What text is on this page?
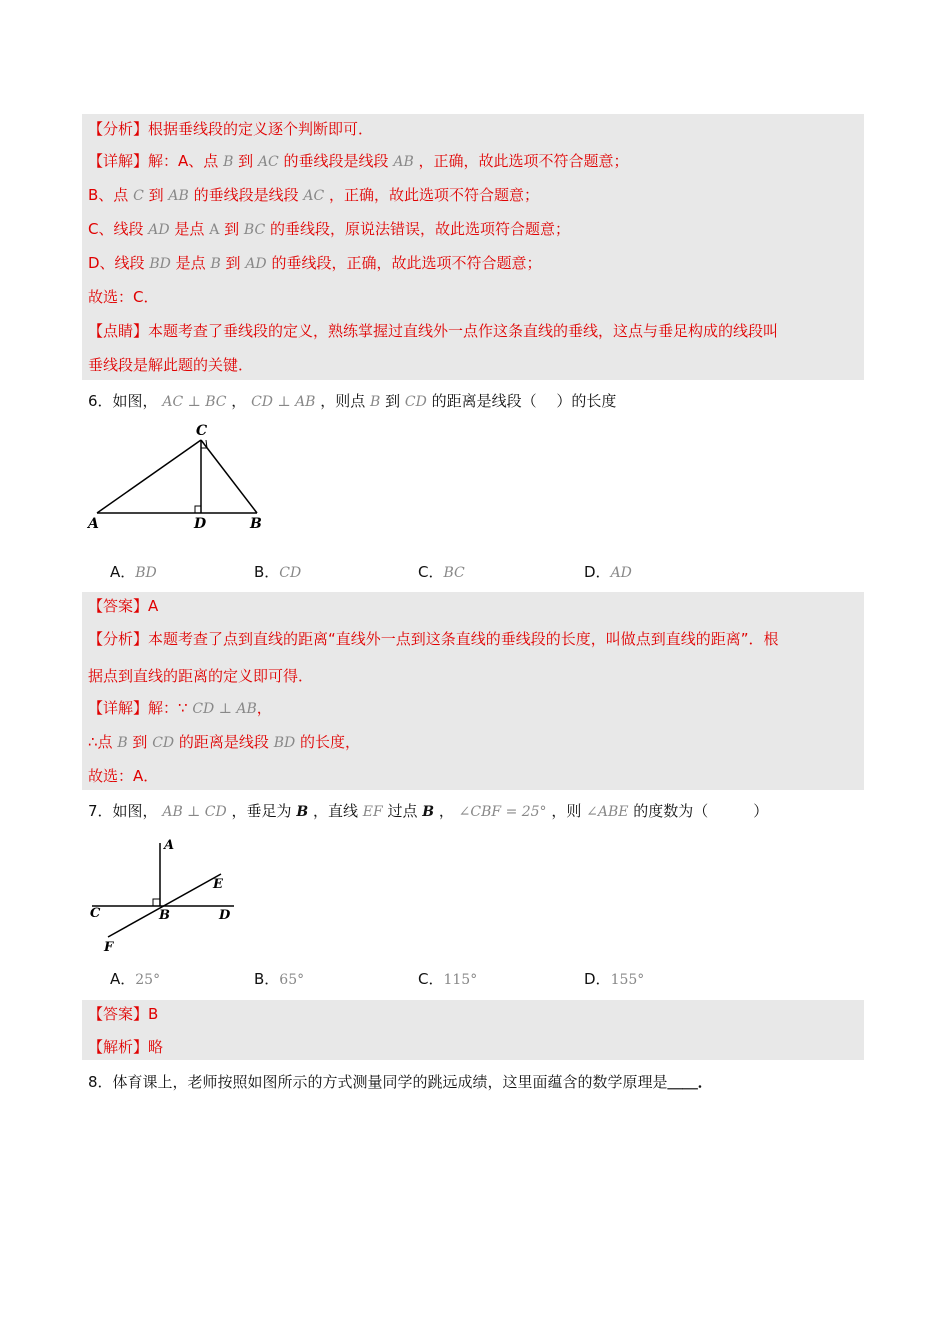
【分析】根据垂线段的定义逐个判断即可．
【详解】解：A、点 B 到 AC 的垂线段是线段 AB ，正确，故此选项不符合题意；
B、点 C 到 AB 的垂线段是线段 AC ，正确，故此选项不符合题意；
C、线段 AD 是点 A 到 BC 的垂线段，原说法错误，故此选项符合题意；
D、线段 BD 是点 B 到 AD 的垂线段，正确，故此选项不符合题意；
故选：C．
【点睛】本题考查了垂线段的定义，熟练掌握过直线外一点作这条直线的垂线，这点与垂足构成的线段叫
垂线段是解此题的关键．
6．如图， AC ⊥ BC ， CD ⊥ AB ，则点 B 到 CD 的距离是线段（　 ）的长度
C
A	D	B
A．BD	B．CD	C．BC	D．AD
【答案】A
【分析】本题考查了点到直线的距离“直线外一点到这条直线的垂线段的长度，叫做点到直线的距离”．根
据点到直线的距离的定义即可得．
【详解】解：∵ CD ⊥ AB，
∴点 B 到 CD 的距离是线段 BD 的长度，
故选：A．
7．如图， AB ⊥ CD ，垂足为 B ，直线 EF 过点 B ， ∠CBF = 25° ，则 ∠ABE 的度数为（　　　）
A
E
C	B	D
F
A．25°	B．65°	C．115°	D．155°
【答案】B
【解析】略
8．体育课上，老师按照如图所示的方式测量同学的跳远成绩，这里面蕴含的数学原理是＿＿．
